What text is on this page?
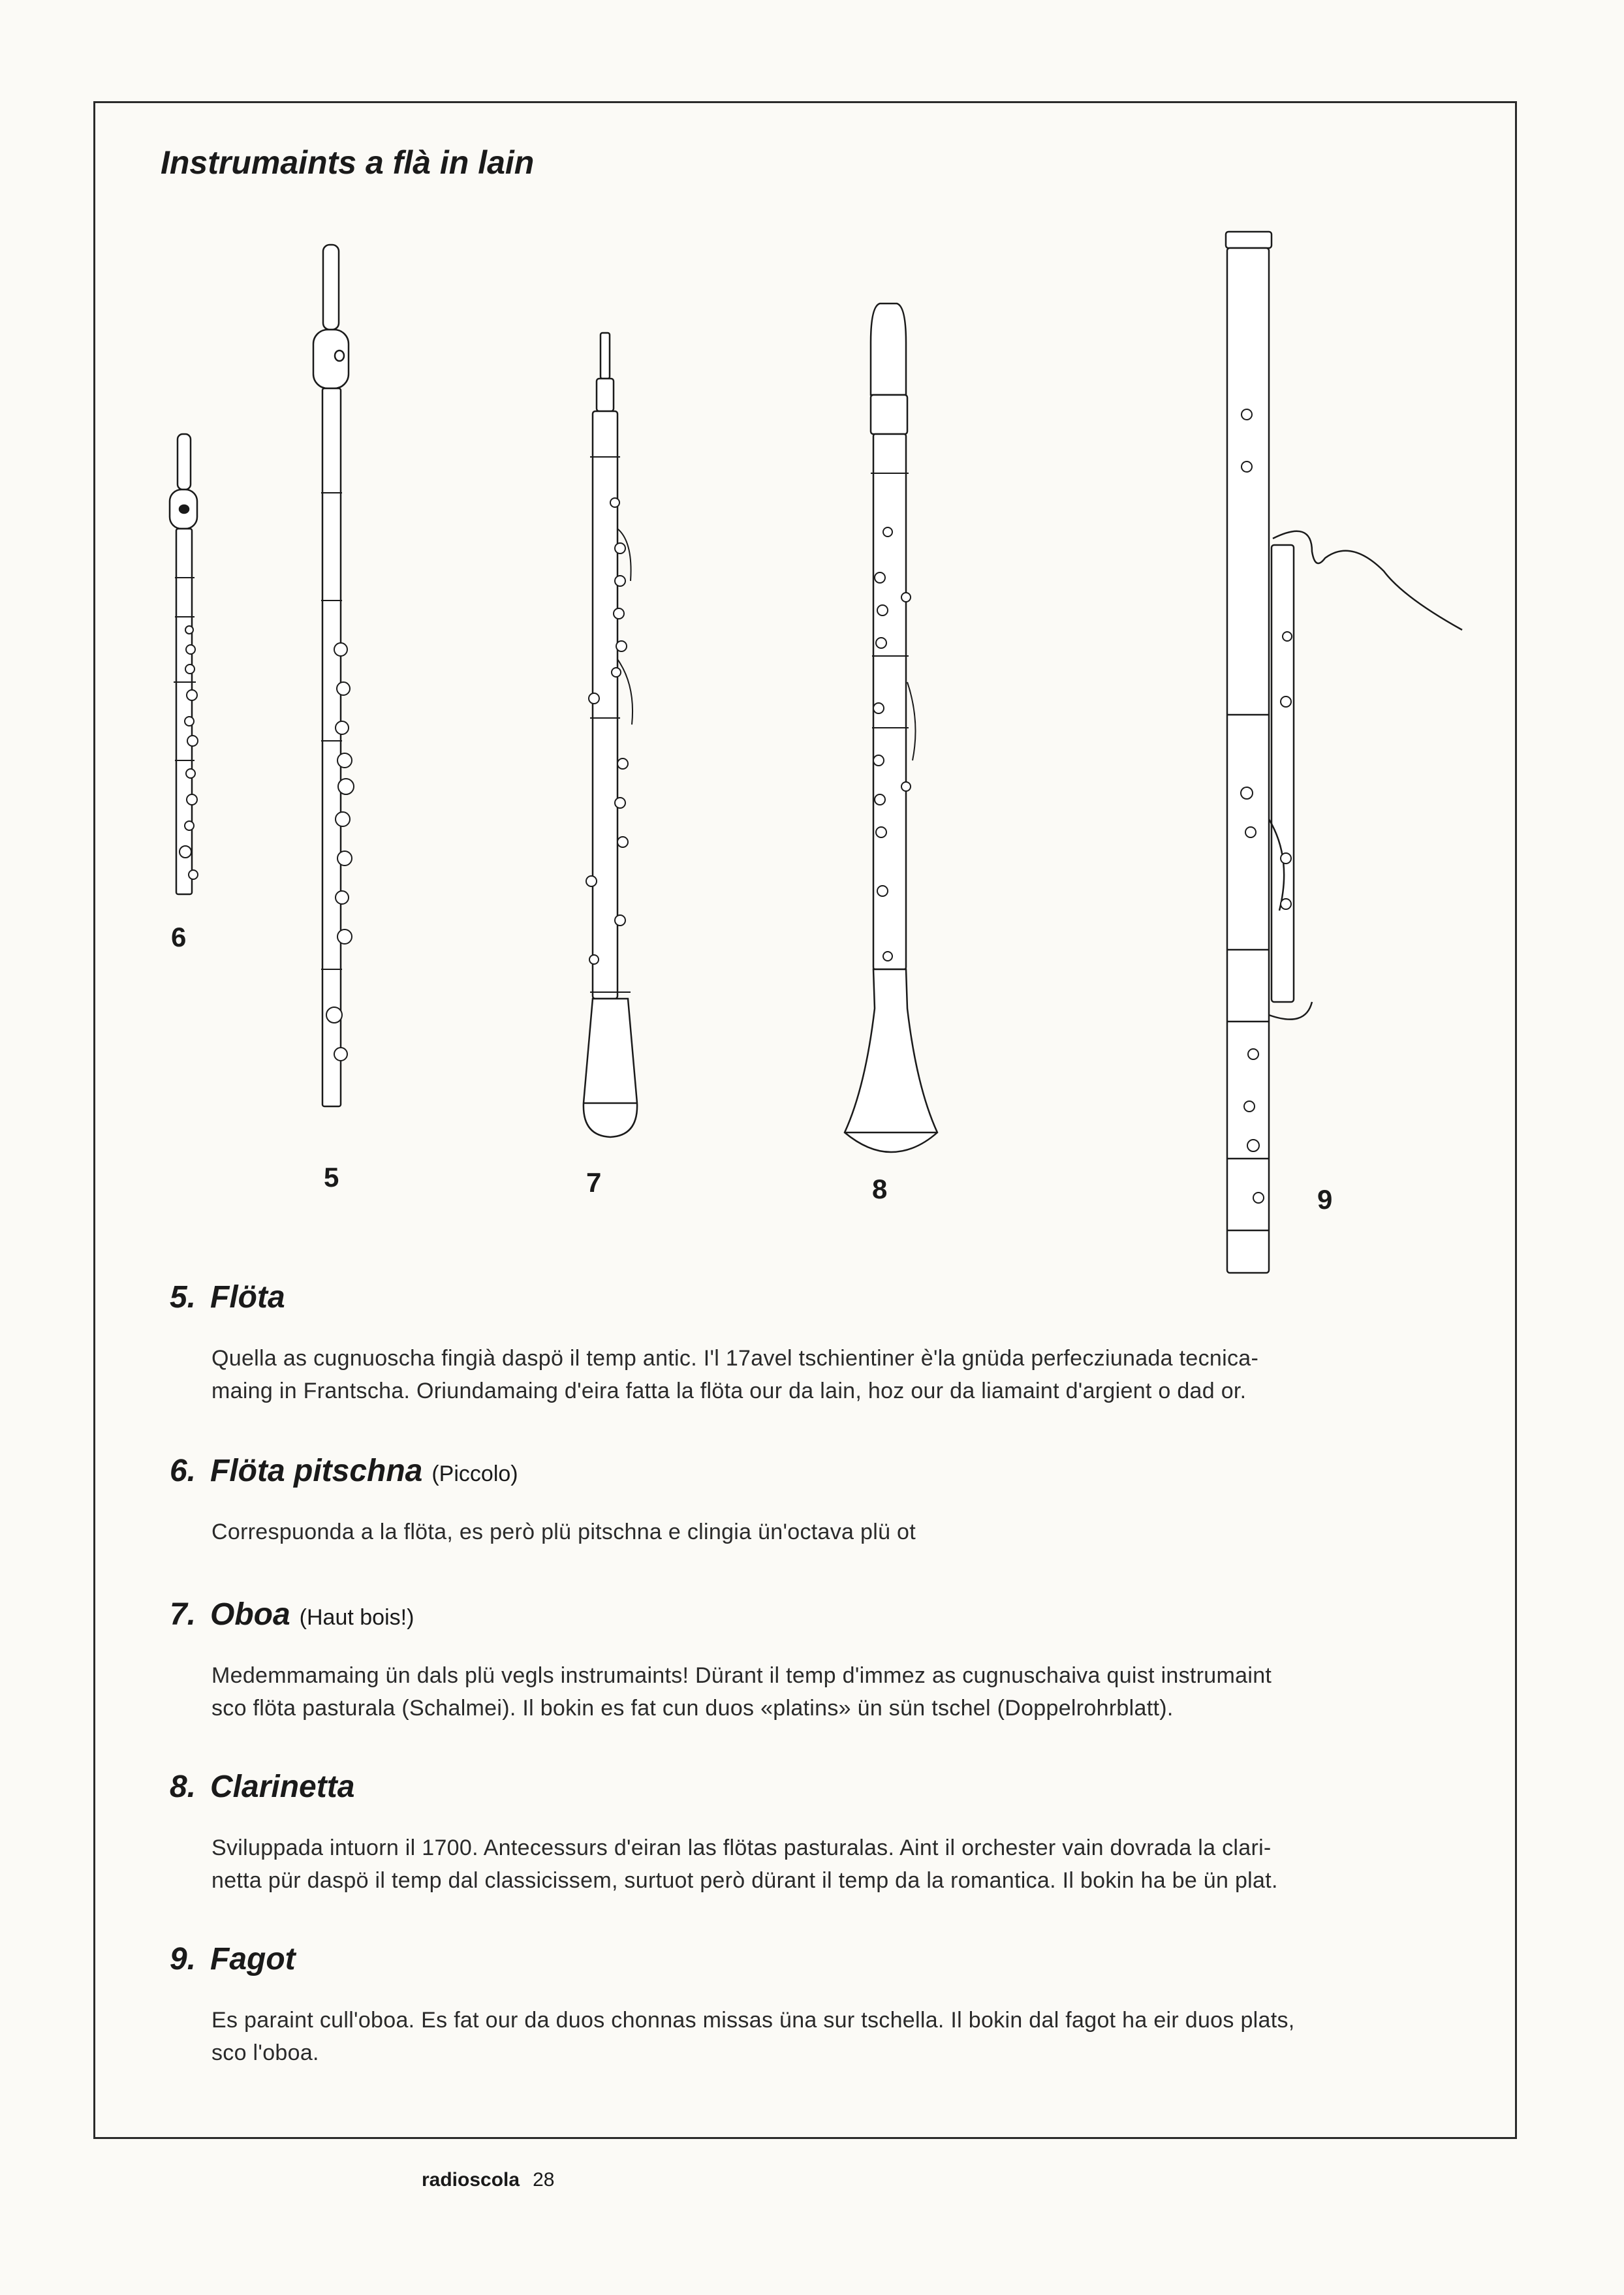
Instrumaints a flà in lain
6
5	7	8	9
5. Flöta

Quella as cugnuoscha fingià daspö il temp antic. I'l 17avel tschientiner è'la gnüda perfecziunada tecnica-

maing in Frantscha. Oriundamaing d'eira fatta la flöta our da lain, hoz our da liamaint d'argient o dad or.

6. Flöta pitschna (Piccolo)

Correspuonda a la flöta, es però plü pitschna e clingia ün'octava plü ot

7. Oboa (Haut bois!)

Medemmamaing ün dals plü vegls instrumaints! Dürant il temp d'immez as cugnuschaiva quist instrumaint

sco flöta pasturala (Schalmei). Il bokin es fat cun duos «platins» ün sün tschel (Doppelrohrblatt).

8. Clarinetta

Sviluppada intuorn il 1700. Antecessurs d'eiran las flötas pasturalas. Aint il orchester vain dovrada la clari-

netta pür daspö il temp dal classicissem, surtuot però dürant il temp da la romantica. Il bokin ha be ün plat.

9. Fagot

Es paraint cull'oboa. Es fat our da duos chonnas missas üna sur tschella. Il bokin dal fagot ha eir duos plats,

sco l'oboa.

radioscola 28
